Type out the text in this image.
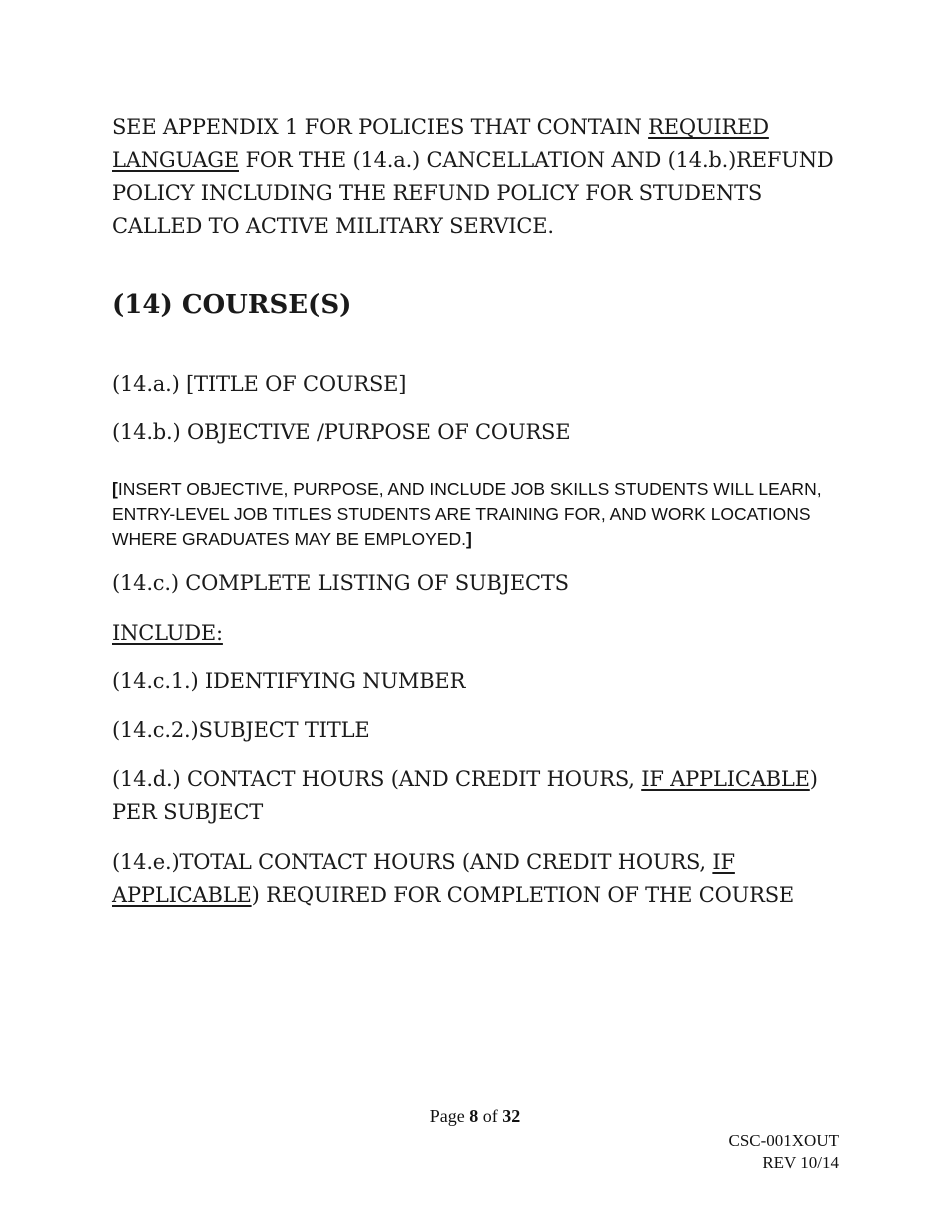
SEE APPENDIX 1 FOR POLICIES THAT CONTAIN REQUIRED LANGUAGE FOR THE (14.a.) CANCELLATION AND (14.b.)REFUND POLICY INCLUDING THE REFUND POLICY FOR STUDENTS CALLED TO ACTIVE MILITARY SERVICE.

(14) COURSE(S)

(14.a.) [TITLE OF COURSE]

(14.b.) OBJECTIVE /PURPOSE OF COURSE

[INSERT OBJECTIVE, PURPOSE, AND INCLUDE JOB SKILLS STUDENTS WILL LEARN, ENTRY-LEVEL JOB TITLES STUDENTS ARE TRAINING FOR, AND WORK LOCATIONS WHERE GRADUATES MAY BE EMPLOYED.]

(14.c.) COMPLETE LISTING OF SUBJECTS

INCLUDE:

(14.c.1.) IDENTIFYING NUMBER

(14.c.2.)SUBJECT TITLE

(14.d.) CONTACT HOURS (AND CREDIT HOURS, IF APPLICABLE) PER SUBJECT

(14.e.)TOTAL CONTACT HOURS (AND CREDIT HOURS, IF APPLICABLE) REQUIRED FOR COMPLETION OF THE COURSE

Page 8 of 32
CSC-001XOUT
REV 10/14
